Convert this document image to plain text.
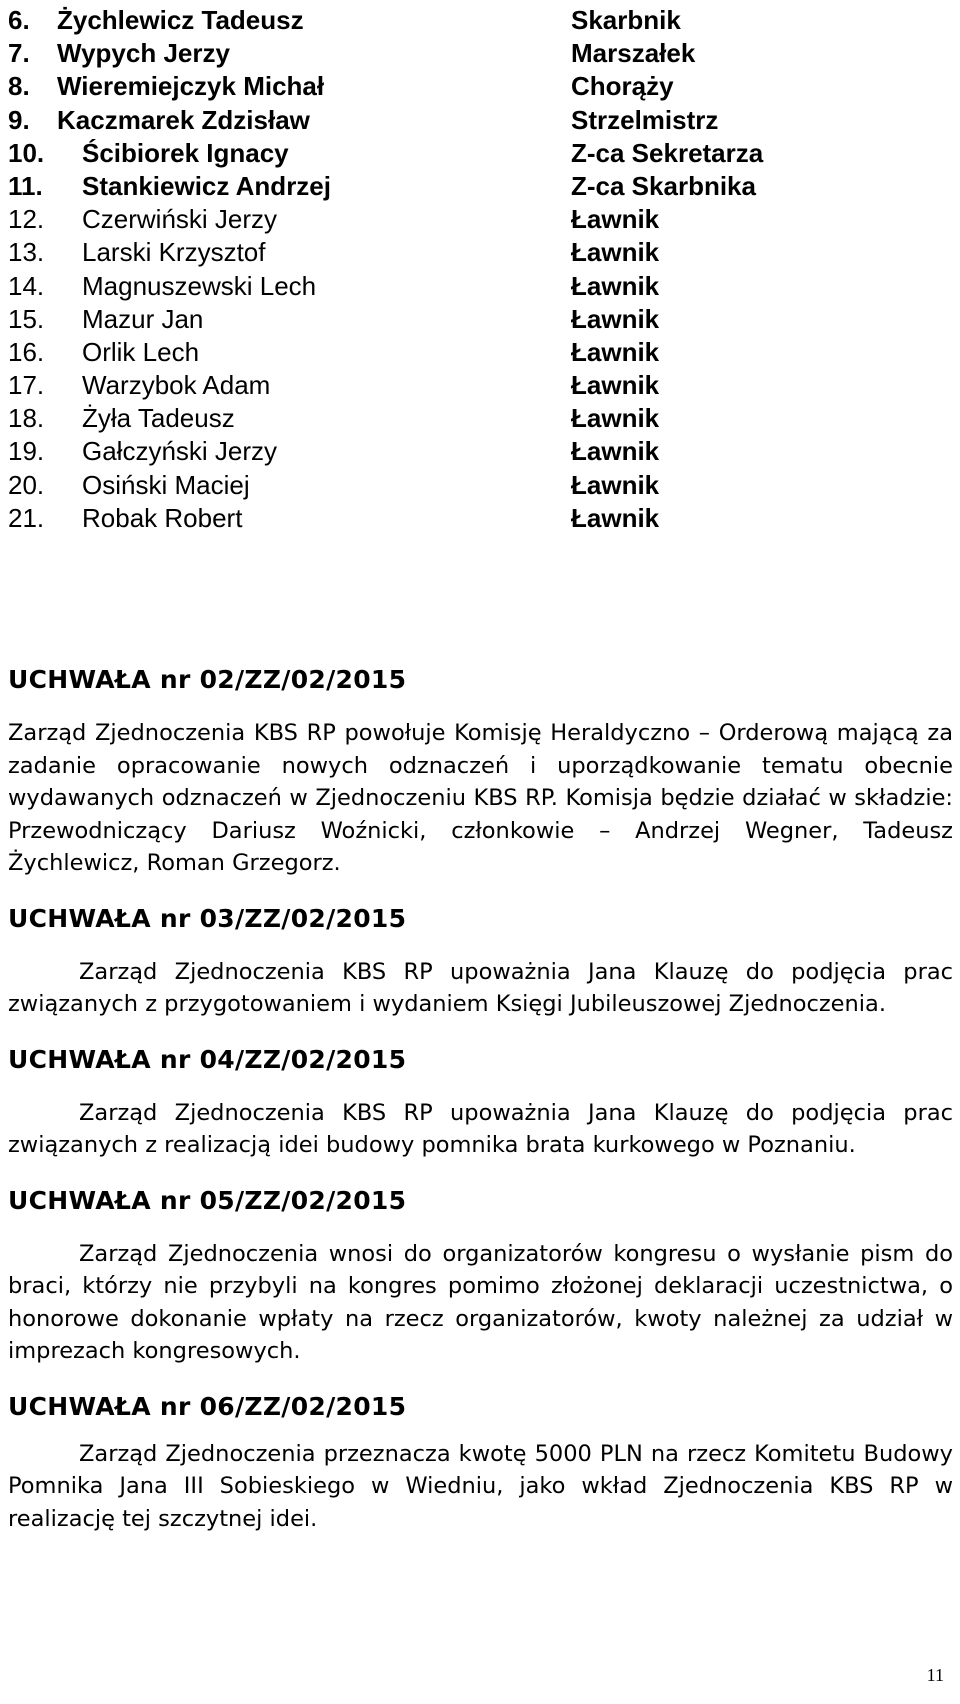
6. Żychlewicz Tadeusz	Skarbnik
7. Wypych Jerzy	Marszałek
8. Wieremiejczyk Michał	Chorąży
9. Kaczmarek Zdzisław	Strzelmistrz
10. Ścibiorek Ignacy	Z-ca Sekretarza
11. Stankiewicz Andrzej	Z-ca Skarbnika
12. Czerwiński Jerzy	Ławnik
13. Larski Krzysztof	Ławnik
14. Magnuszewski Lech	Ławnik
15. Mazur Jan	Ławnik
16. Orlik Lech	Ławnik
17. Warzybok Adam	Ławnik
18. Żyła Tadeusz	Ławnik
19. Gałczyński Jerzy	Ławnik
20. Osiński Maciej	Ławnik
21. Robak Robert	Ławnik

UCHWAŁA nr 02/ZZ/02/2015

Zarząd Zjednoczenia KBS RP powołuje Komisję Heraldyczno – Orderową mającą za zadanie opracowanie nowych odznaczeń i uporządkowanie tematu obecnie wydawanych odznaczeń w Zjednoczeniu KBS RP. Komisja będzie działać w składzie: Przewodniczący Dariusz Woźnicki, członkowie – Andrzej Wegner, Tadeusz Żychlewicz, Roman Grzegorz.

UCHWAŁA nr 03/ZZ/02/2015

Zarząd Zjednoczenia KBS RP upoważnia Jana Klauzę do podjęcia prac związanych z przygotowaniem i wydaniem Księgi Jubileuszowej Zjednoczenia.

UCHWAŁA nr 04/ZZ/02/2015

Zarząd Zjednoczenia KBS RP upoważnia Jana Klauzę do podjęcia prac związanych z realizacją idei budowy pomnika brata kurkowego w Poznaniu.

UCHWAŁA nr 05/ZZ/02/2015

Zarząd Zjednoczenia wnosi do organizatorów kongresu o wysłanie pism do braci, którzy nie przybyli na kongres pomimo złożonej deklaracji uczestnictwa, o honorowe dokonanie wpłaty na rzecz organizatorów, kwoty należnej za udział w imprezach kongresowych.

UCHWAŁA nr 06/ZZ/02/2015

Zarząd Zjednoczenia przeznacza kwotę 5000 PLN na rzecz Komitetu Budowy Pomnika Jana III Sobieskiego w Wiedniu, jako wkład Zjednoczenia KBS RP w realizację tej szczytnej idei.

11
